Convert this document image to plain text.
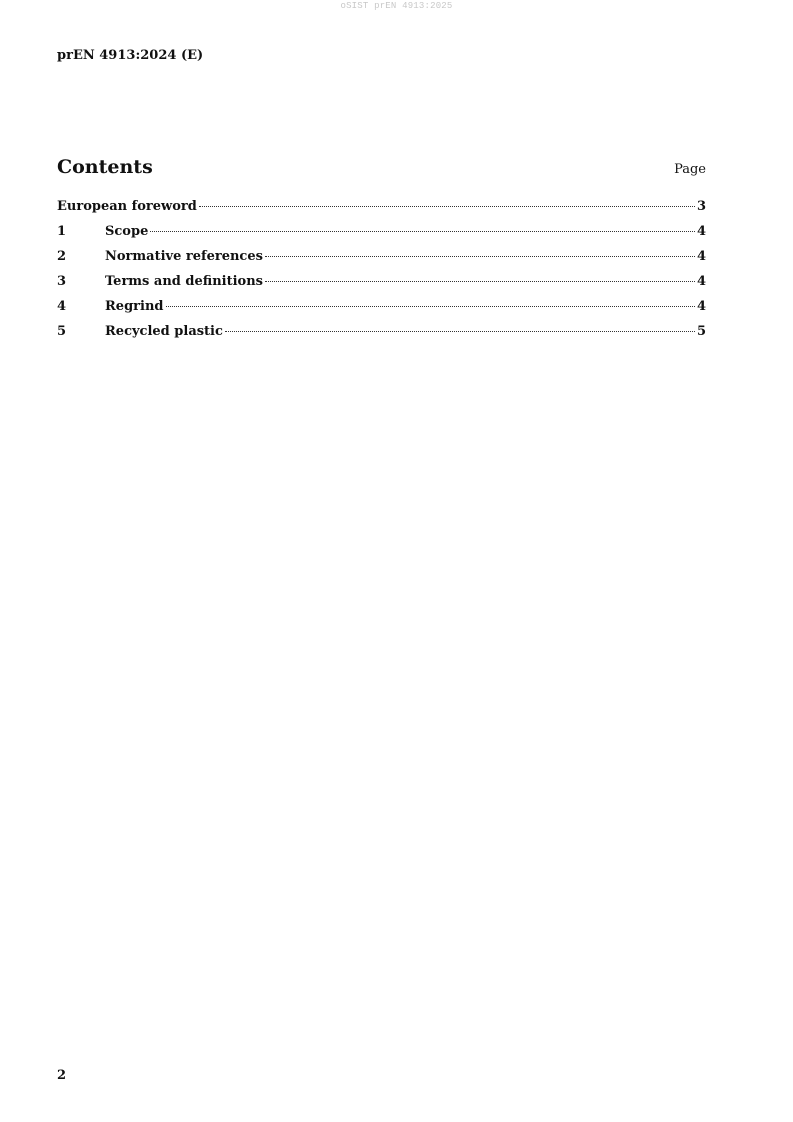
oSIST prEN 4913:2025
prEN 4913:2024 (E)
Contents	Page
European foreword	3
1	Scope	4
2	Normative references	4
3	Terms and definitions	4
4	Regrind	4
5	Recycled plastic	5
2
